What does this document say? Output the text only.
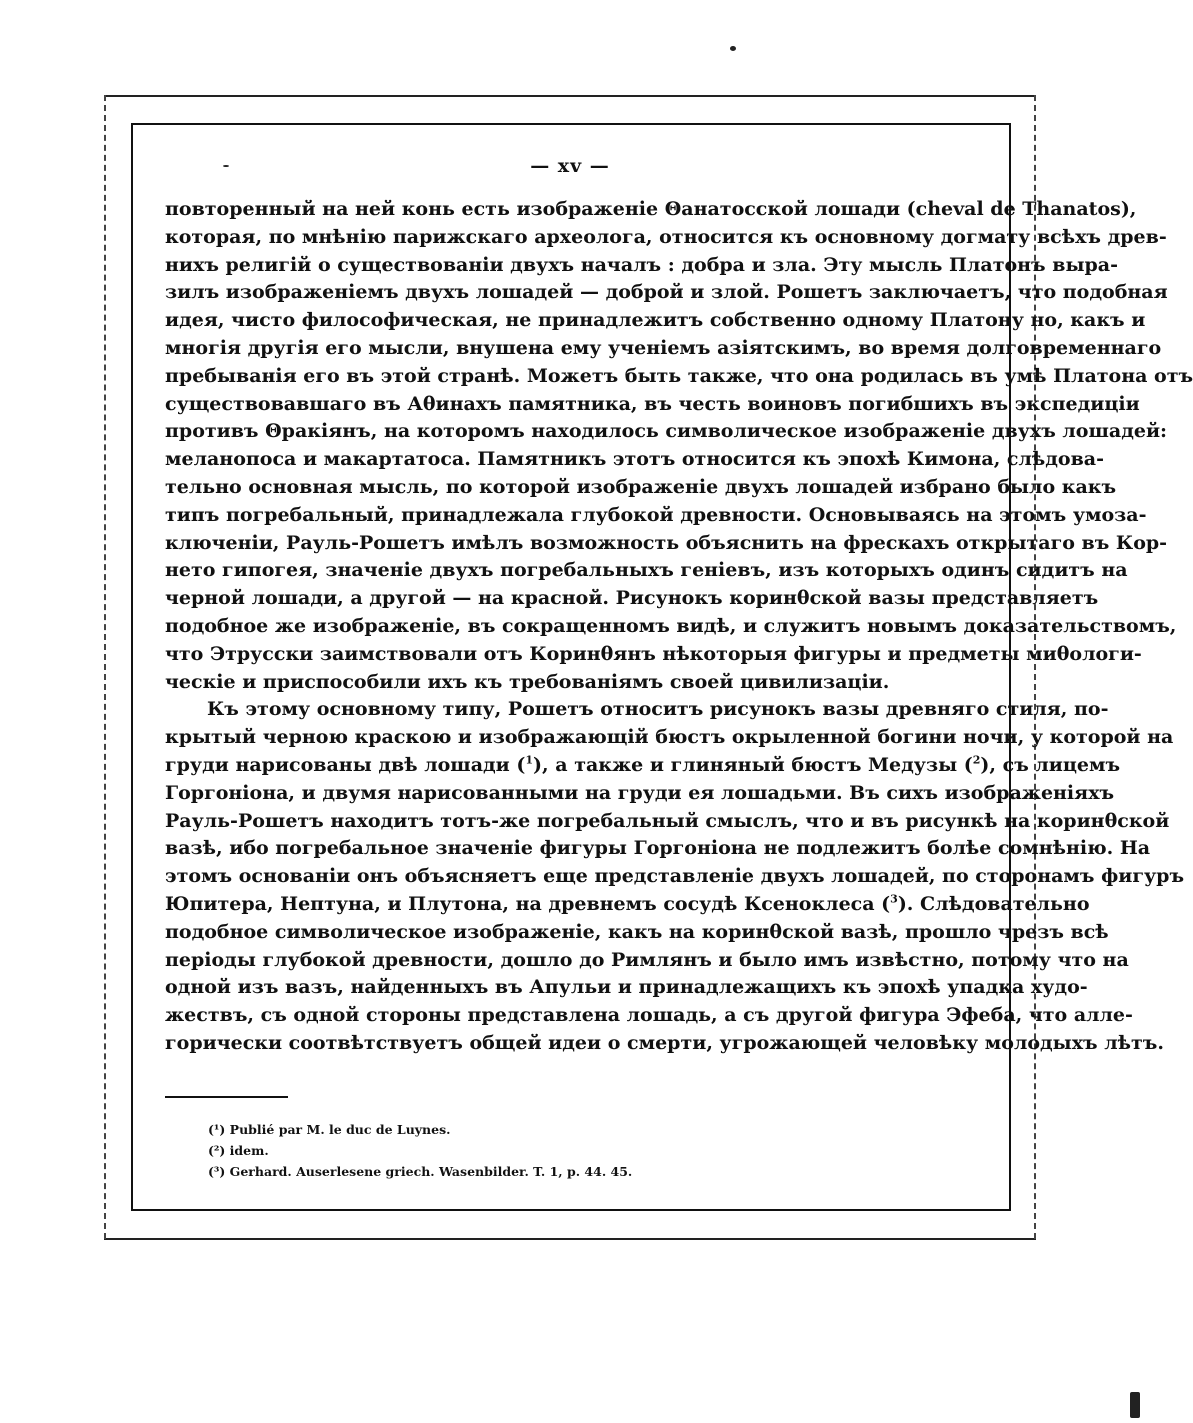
— xv —
повторенный на ней конь есть изображеніе Θанатосской лошади (cheval de Thanatos),
которая, по мнѣнію парижскаго археолога, относится къ основному догмату всѣхъ древ-
нихъ религій о существованіи двухъ началъ : добра и зла. Эту мысль Платонъ выра-
зилъ изображеніемъ двухъ лошадей — доброй и злой. Рошетъ заключаетъ, что подобная
идея, чисто философическая, не принадлежитъ собственно одному Платону но, какъ и
многія другія его мысли, внушена ему ученіемъ азіятскимъ, во время долговременнаго
пребыванія его въ этой странѣ. Можетъ быть также, что она родилась въ умѣ Платона отъ
существовавшаго въ Аθинахъ памятника, въ честь воиновъ погибшихъ въ экспедиціи
противъ Θракіянъ, на которомъ находилось символическое изображеніе двухъ лошадей:
меланопоса и макартатоса. Памятникъ этотъ относится къ эпохѣ Кимона, слѣдова-
тельно основная мысль, по которой изображеніе двухъ лошадей избрано было какъ
типъ погребальный, принадлежала глубокой древности. Основываясь на этомъ умоза-
ключеніи, Рауль-Рошетъ имѣлъ возможность объяснить на фрескахъ открытаго въ Кор-
нето гипогея, значеніе двухъ погребальныхъ геніевъ, изъ которыхъ одинъ сидитъ на
черной лошади, а другой — на красной. Рисунокъ коринθской вазы представляетъ
подобное же изображеніе, въ сокращенномъ видѣ, и служитъ новымъ доказательствомъ,
что Этрусски заимствовали отъ Коринθянъ нѣкоторыя фигуры и предметы миθологи-
ческіе и приспособили ихъ къ требованіямъ своей цивилизаціи.
Къ этому основному типу, Рошетъ относитъ рисунокъ вазы древняго стиля, по-
крытый черною краскою и изображающій бюстъ окрыленной богини ночи, у которой на
груди нарисованы двѣ лошади ($^1$), а также и глиняный бюстъ Медузы ($^2$), съ лицемъ
Горгоніона, и двумя нарисованными на груди ея лошадьми. Въ сихъ изображеніяхъ
Рауль-Рошетъ находитъ тотъ-же погребальный смыслъ, что и въ рисункѣ на коринθской
вазѣ, ибо погребальное значеніе фигуры Горгоніона не подлежитъ болѣе сомнѣнію. На
этомъ основаніи онъ объясняетъ еще представленіе двухъ лошадей, по сторонамъ фигуръ
Юпитера, Нептуна, и Плутона, на древнемъ сосудѣ Ксеноклеса ($^3$). Слѣдовательно
подобное символическое изображеніе, какъ на коринθской вазѣ, прошло чрезъ всѣ
періоды глубокой древности, дошло до Римлянъ и было имъ извѣстно, потому что на
одной изъ вазъ, найденныхъ въ Апульи и принадлежащихъ къ эпохѣ упадка худо-
жествъ, съ одной стороны представлена лошадь, а съ другой фигура Эфеба, что алле-
горически соотвѣтствуетъ общей идеи о смерти, угрожающей человѣку молодыхъ лѣтъ.
(¹) Publié par M. le duc de Luynes.
(²) idem.
(³) Gerhard. Auserlesene griech. Wasenbilder. T. 1, p. 44. 45.
